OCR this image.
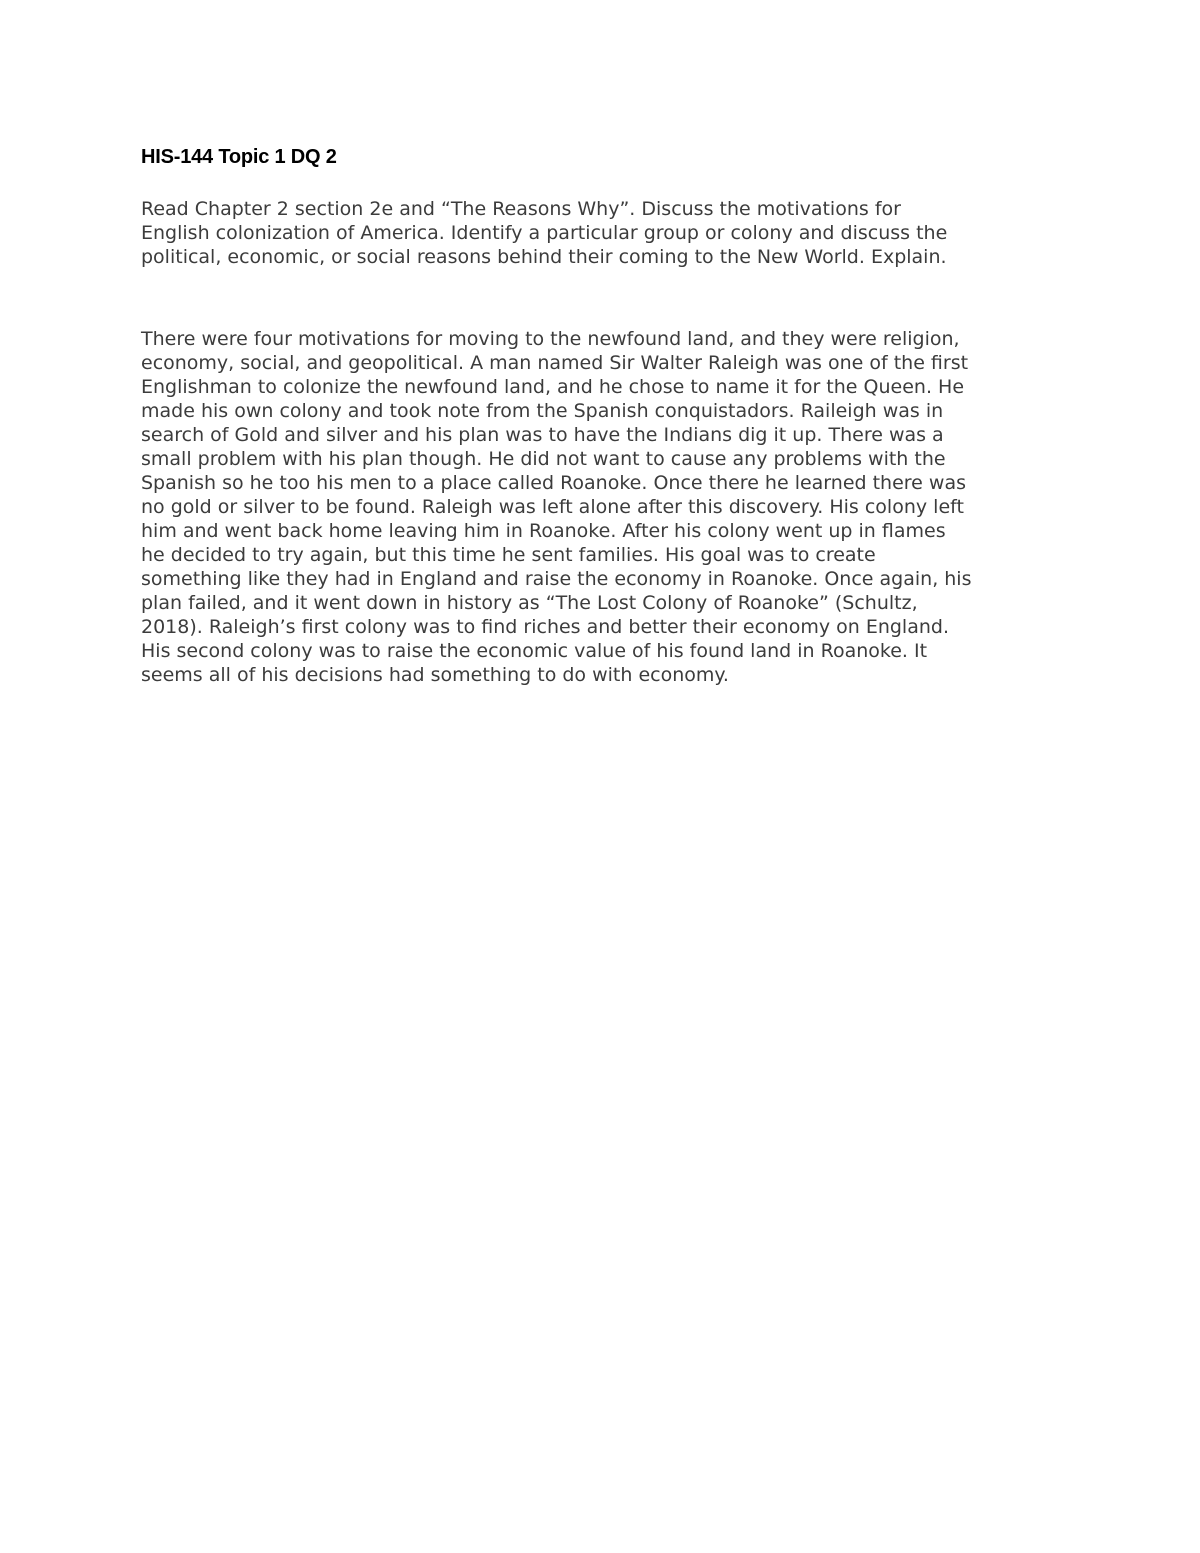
HIS-144 Topic 1 DQ 2

Read Chapter 2 section 2e and “The Reasons Why”. Discuss the motivations for
English colonization of America. Identify a particular group or colony and discuss the
political, economic, or social reasons behind their coming to the New World. Explain.

There were four motivations for moving to the newfound land, and they were religion,
economy, social, and geopolitical. A man named Sir Walter Raleigh was one of the first
Englishman to colonize the newfound land, and he chose to name it for the Queen. He
made his own colony and took note from the Spanish conquistadors. Raileigh was in
search of Gold and silver and his plan was to have the Indians dig it up. There was a
small problem with his plan though. He did not want to cause any problems with the
Spanish so he too his men to a place called Roanoke. Once there he learned there was
no gold or silver to be found. Raleigh was left alone after this discovery. His colony left
him and went back home leaving him in Roanoke. After his colony went up in flames
he decided to try again, but this time he sent families. His goal was to create
something like they had in England and raise the economy in Roanoke. Once again, his
plan failed, and it went down in history as “The Lost Colony of Roanoke” (Schultz,
2018). Raleigh’s first colony was to find riches and better their economy on England.
His second colony was to raise the economic value of his found land in Roanoke. It
seems all of his decisions had something to do with economy.
